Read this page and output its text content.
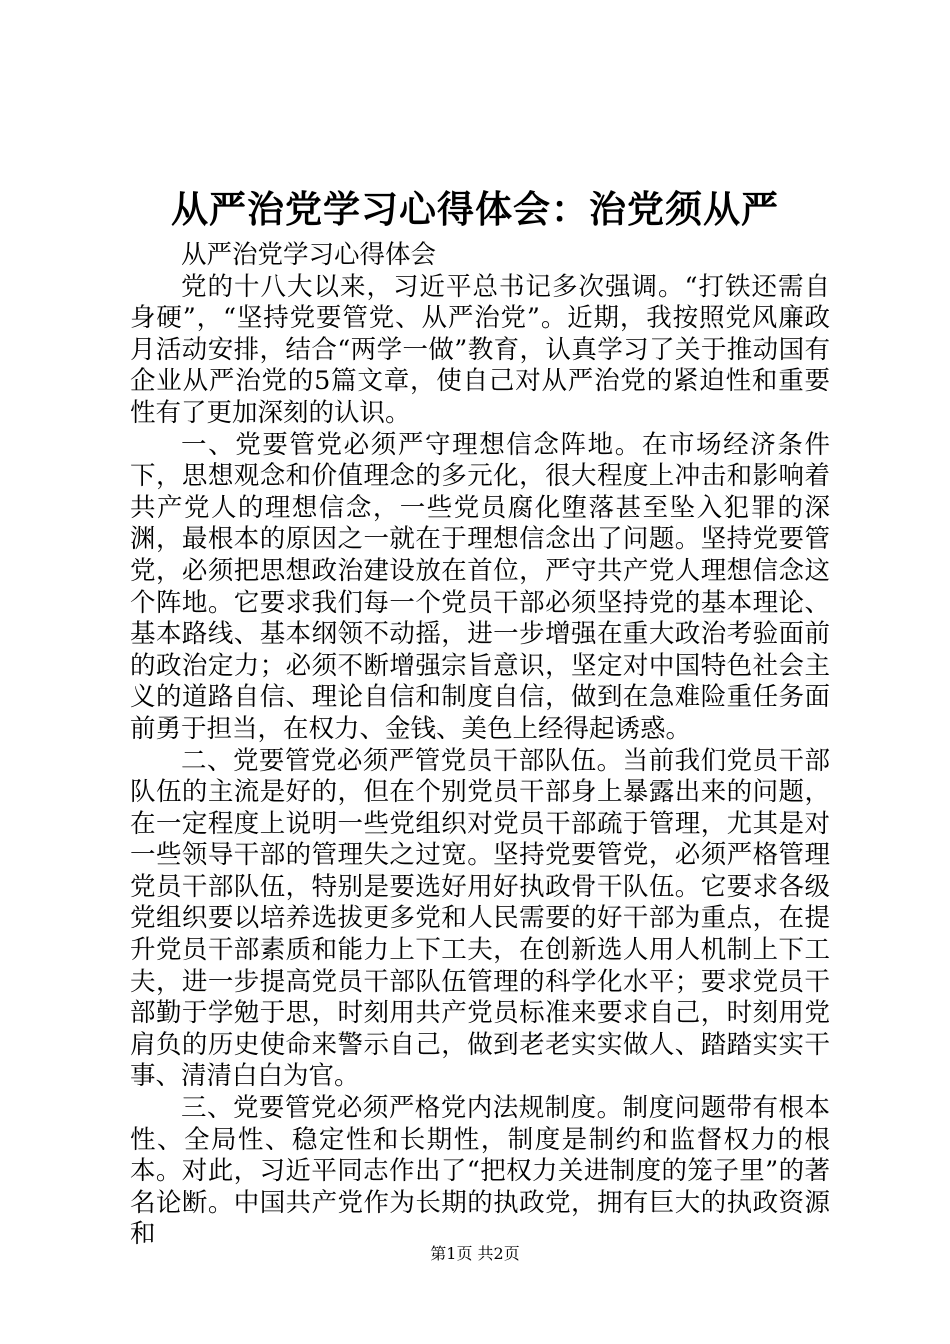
从严治党学习心得体会：治党须从严

从严治党学习心得体会

党的十八大以来，习近平总书记多次强调。“打铁还需自身硬”，“坚持党要管党、从严治党”。近期，我按照党风廉政月活动安排，结合“两学一做”教育，认真学习了关于推动国有企业从严治党的5篇文章，使自己对从严治党的紧迫性和重要性有了更加深刻的认识。

一、党要管党必须严守理想信念阵地。在市场经济条件下，思想观念和价值理念的多元化，很大程度上冲击和影响着共产党人的理想信念，一些党员腐化堕落甚至坠入犯罪的深渊，最根本的原因之一就在于理想信念出了问题。坚持党要管党，必须把思想政治建设放在首位，严守共产党人理想信念这个阵地。它要求我们每一个党员干部必须坚持党的基本理论、基本路线、基本纲领不动摇，进一步增强在重大政治考验面前的政治定力；必须不断增强宗旨意识，坚定对中国特色社会主义的道路自信、理论自信和制度自信，做到在急难险重任务面前勇于担当，在权力、金钱、美色上经得起诱惑。

二、党要管党必须严管党员干部队伍。当前我们党员干部队伍的主流是好的，但在个别党员干部身上暴露出来的问题，在一定程度上说明一些党组织对党员干部疏于管理，尤其是对一些领导干部的管理失之过宽。坚持党要管党，必须严格管理党员干部队伍，特别是要选好用好执政骨干队伍。它要求各级党组织要以培养选拔更多党和人民需要的好干部为重点，在提升党员干部素质和能力上下工夫，在创新选人用人机制上下工夫，进一步提高党员干部队伍管理的科学化水平；要求党员干部勤于学勉于思，时刻用共产党员标准来要求自己，时刻用党肩负的历史使命来警示自己，做到老老实实做人、踏踏实实干事、清清白白为官。

三、党要管党必须严格党内法规制度。制度问题带有根本性、全局性、稳定性和长期性，制度是制约和监督权力的根本。对此，习近平同志作出了“把权力关进制度的笼子里”的著名论断。中国共产党作为长期的执政党，拥有巨大的执政资源和

第1页 共2页
